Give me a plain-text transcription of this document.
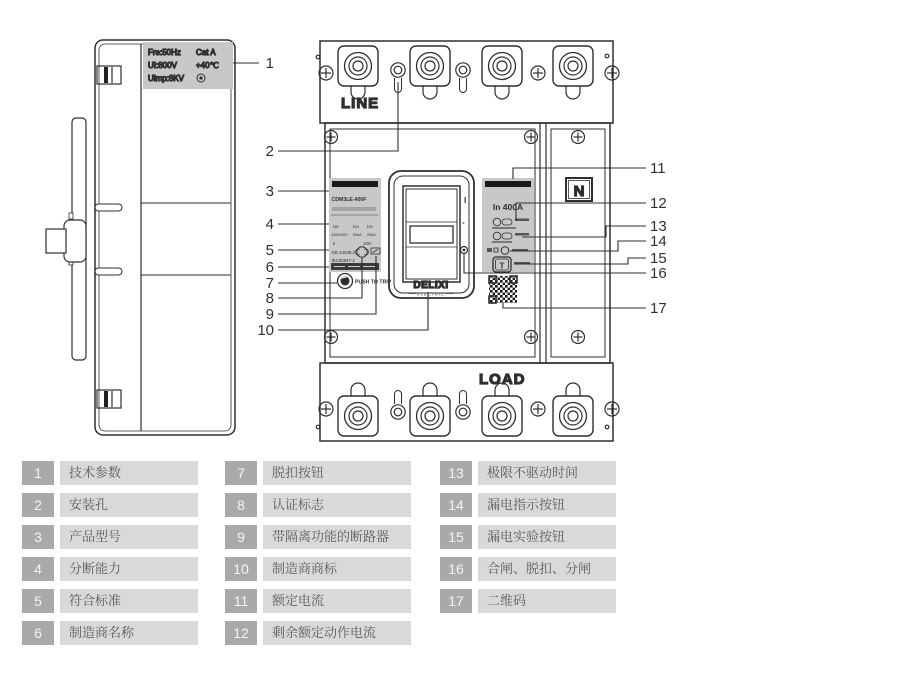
Fre:50Hz Cat A
UI:800V +40℃
Uimp:8KV
LINE
N
CDM3LE-400F
Ue	Icu Ics
400/415V 50kA 25kA
Ii	10In
GB 14048.2
IEC60947-2
PUSH TO TRIP
I
-
DELIXI
ELECTRIC
In 400A
T
LOAD
1
2
3
4
5
6
7
8
9
10
11
12
13
14
15
16
17
1	技术参数
2	安装孔
3	产品型号
4	分断能力
5	符合标准
6	制造商名称
7	脱扣按钮
8	认证标志
9	带隔离功能的断路器
10	制造商商标
11	额定电流
12	剩余额定动作电流
13	极限不驱动时间
14	漏电指示按钮
15	漏电实验按钮
16	合闸、脱扣、分闸
17	二维码
